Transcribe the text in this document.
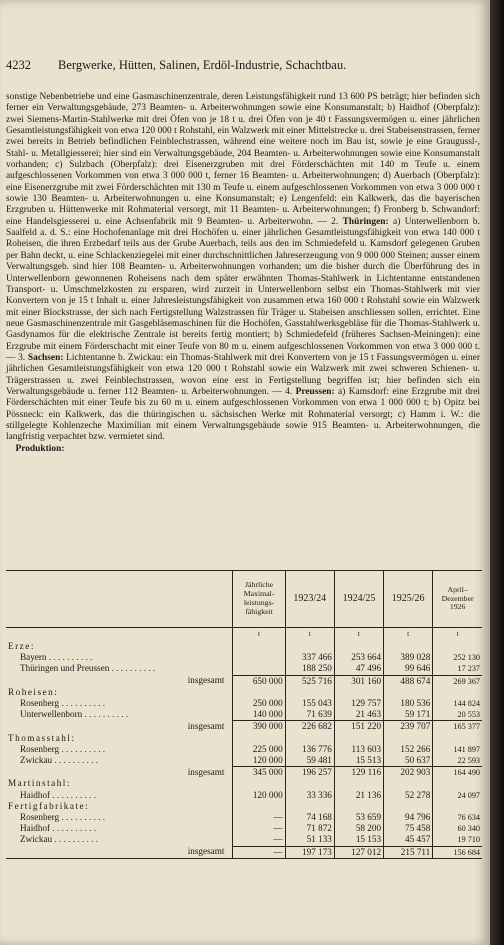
4232 Bergwerke, Hütten, Salinen, Erdöl-Industrie, Schachtbau.
sonstige Nebenbetriebe und eine Gasmaschinenzentrale, deren Leistungsfähigkeit rund 13 600 PS beträgt; hier befinden sich ferner ein Verwaltungsgebäude, 273 Beamten- u. Arbeiterwohnungen sowie eine Konsumanstalt; b) Haidhof (Oberpfalz): zwei Siemens-Martin-Stahlwerke mit drei Öfen von je 18 t u. drei Öfen von je 40 t Fassungsvermögen u. einer jährlichen Gesamtleistungsfähigkeit von etwa 120 000 t Rohstahl, ein Walzwerk mit einer Mittelstrecke u. drei Stabeisenstrassen, ferner zwei bereits in Betrieb befindlichen Feinblechstrassen, während eine weitere noch im Bau ist, sowie je eine Graugussl-, Stahl- u. Metallgiesserei; hier sind ein Verwaltungsgebäude, 204 Beamten- u. Arbeiterwohnungen sowie eine Konsumanstalt vorhanden; c) Sulzbach (Oberpfalz): drei Eisenerzgruben mit drei Förderschächten mit 140 m Teufe u. einem aufgeschlossenen Vorkommen von etwa 3 000 000 t, ferner 16 Beamten- u. Arbeiterwohnungen; d) Auerbach (Oberpfalz): eine Eisenerzgrube mit zwei Förderschächten mit 130 m Teufe u. einem aufgeschlossenen Vorkommen von etwa 3 000 000 t sowie 130 Beamten- u. Arbeiterwohnungen u. eine Konsumanstalt; e) Lengenfeld: ein Kalkwerk, das die bayerischen Erzgruben u. Hüttenwerke mit Rohmaterial versorgt, mit 11 Beamten- u. Arbeiterwohnungen; f) Fronberg b. Schwandorf: eine Handelsgiesserei u. eine Achsenfabrik mit 9 Beamten- u. Arbeiterwohn. — 2. Thüringen: a) Unterwellenborn b. Saalfeld a. d. S.: eine Hochofenanlage mit drei Hochöfen u. einer jährlichen Gesamtleistungsfähigkeit von etwa 140 000 t Roheisen, die ihren Erzbedarf teils aus der Grube Auerbach, teils aus den im Schmiedefeld u. Kamsdorf gelegenen Gruben per Bahn deckt, u. eine Schlackenziegelei mit einer durchschnittlichen Jahreserzeugung von 9 000 000 Steinen; ausser einem Verwaltungsgeb. sind hier 108 Beamten- u. Arbeiterwohnungen vorhanden; um die bisher durch die Überführung des in Unterwellenborn gewonnenen Roheisens nach dem später erwähnten Thomas-Stahlwerk in Lichtentanne entstandenen Transport- u. Umschmelzkosten zu ersparen, wird zurzeit in Unterwellenborn selbst ein Thomas-Stahlwerk mit vier Konvertern von je 15 t Inhalt u. einer Jahresleistungsfähigkeit von zusammen etwa 160 000 t Rohstahl sowie ein Walzwerk mit einer Blockstrasse, der sich nach Fertigstellung Walzstrassen für Träger u. Stabeisen anschliessen sollen, errichtet. Eine neue Gasmaschinenzentrale mit Gasgebläsemaschinen für die Hochöfen, Gasstahlwerksgebläse für die Thomas-Stahlwerk u. Gasdynamos für die elektrische Zentrale ist bereits fertig montiert; b) Schmiedefeld (früheres Sachsen-Meiningen): eine Erzgrube mit einem Förderschacht mit einer Teufe von 80 m u. einem aufgeschlossenen Vorkommen von etwa 3 000 000 t. — 3. Sachsen: Lichtentanne b. Zwickau: ein Thomas-Stahlwerk mit drei Konvertern von je 15 t Fassungsvermögen u. einer jährlichen Gesamtleistungsfähigkeit von etwa 120 000 t Rohstahl sowie ein Walzwerk mit zwei schweren Schienen- u. Trägerstrassen u. zwei Feinblechstrassen, wovon eine erst in Fertigstellung begriffen ist; hier befinden sich ein Verwaltungsgebäude u. ferner 112 Beamten- u. Arbeiterwohnungen. — 4. Preussen: a) Kamsdorf: eine Erzgrube mit drei Förderschächten mit einer Teufe bis zu 60 m u. einem aufgeschlossenen Vorkommen von etwa 1 000 000 t; b) Opitz bei Pössneck: ein Kalkwerk, das die thüringischen u. sächsischen Werke mit Rohmaterial versorgt; c) Hamm i. W.: die stillgelegte Kohlenzeche Maximilian mit einem Verwaltungsgebäude sowie 915 Beamten- u. Arbeiterwohnungen, die langfristig verpachtet bzw. vermietet sind.
Produktion:
	Jährliche Maximal-leistungs-fähigkeit	1923/24	1924/25	1925/26	April–Dezember 1926
	t	t	t	t	t
Erze:					
Bayern . . . . . . . . . .		337 466	253 664	389 028	252 130
Thüringen und Preussen . . . . . . . . . .		188 250	47 496	99 646	17 237
insgesamt	650 000	525 716	301 160	488 674	269 367
Roheisen:					
Rosenberg . . . . . . . . . .	250 000	155 043	129 757	180 536	144 824
Unterwellenborn . . . . . . . . . .	140 000	71 639	21 463	59 171	20 553
insgesamt	390 000	226 682	151 220	239 707	165 377
Thomasstahl:					
Rosenberg . . . . . . . . . .	225 000	136 776	113 603	152 266	141 897
Zwickau . . . . . . . . . .	120 000	59 481	15 513	50 637	22 593
insgesamt	345 000	196 257	129 116	202 903	164 490
Martinstahl:					
Haidhof . . . . . . . . . .	120 000	33 336	21 136	52 278	24 097
Fertigfabrikate:					
Rosenberg . . . . . . . . . .	—	74 168	53 659	94 796	76 634
Haidhof . . . . . . . . . .	—	71 872	58 200	75 458	60 340
Zwickau . . . . . . . . . .	—	51 133	15 153	45 457	19 710
insgesamt	—	197 173	127 012	215 711	156 684
